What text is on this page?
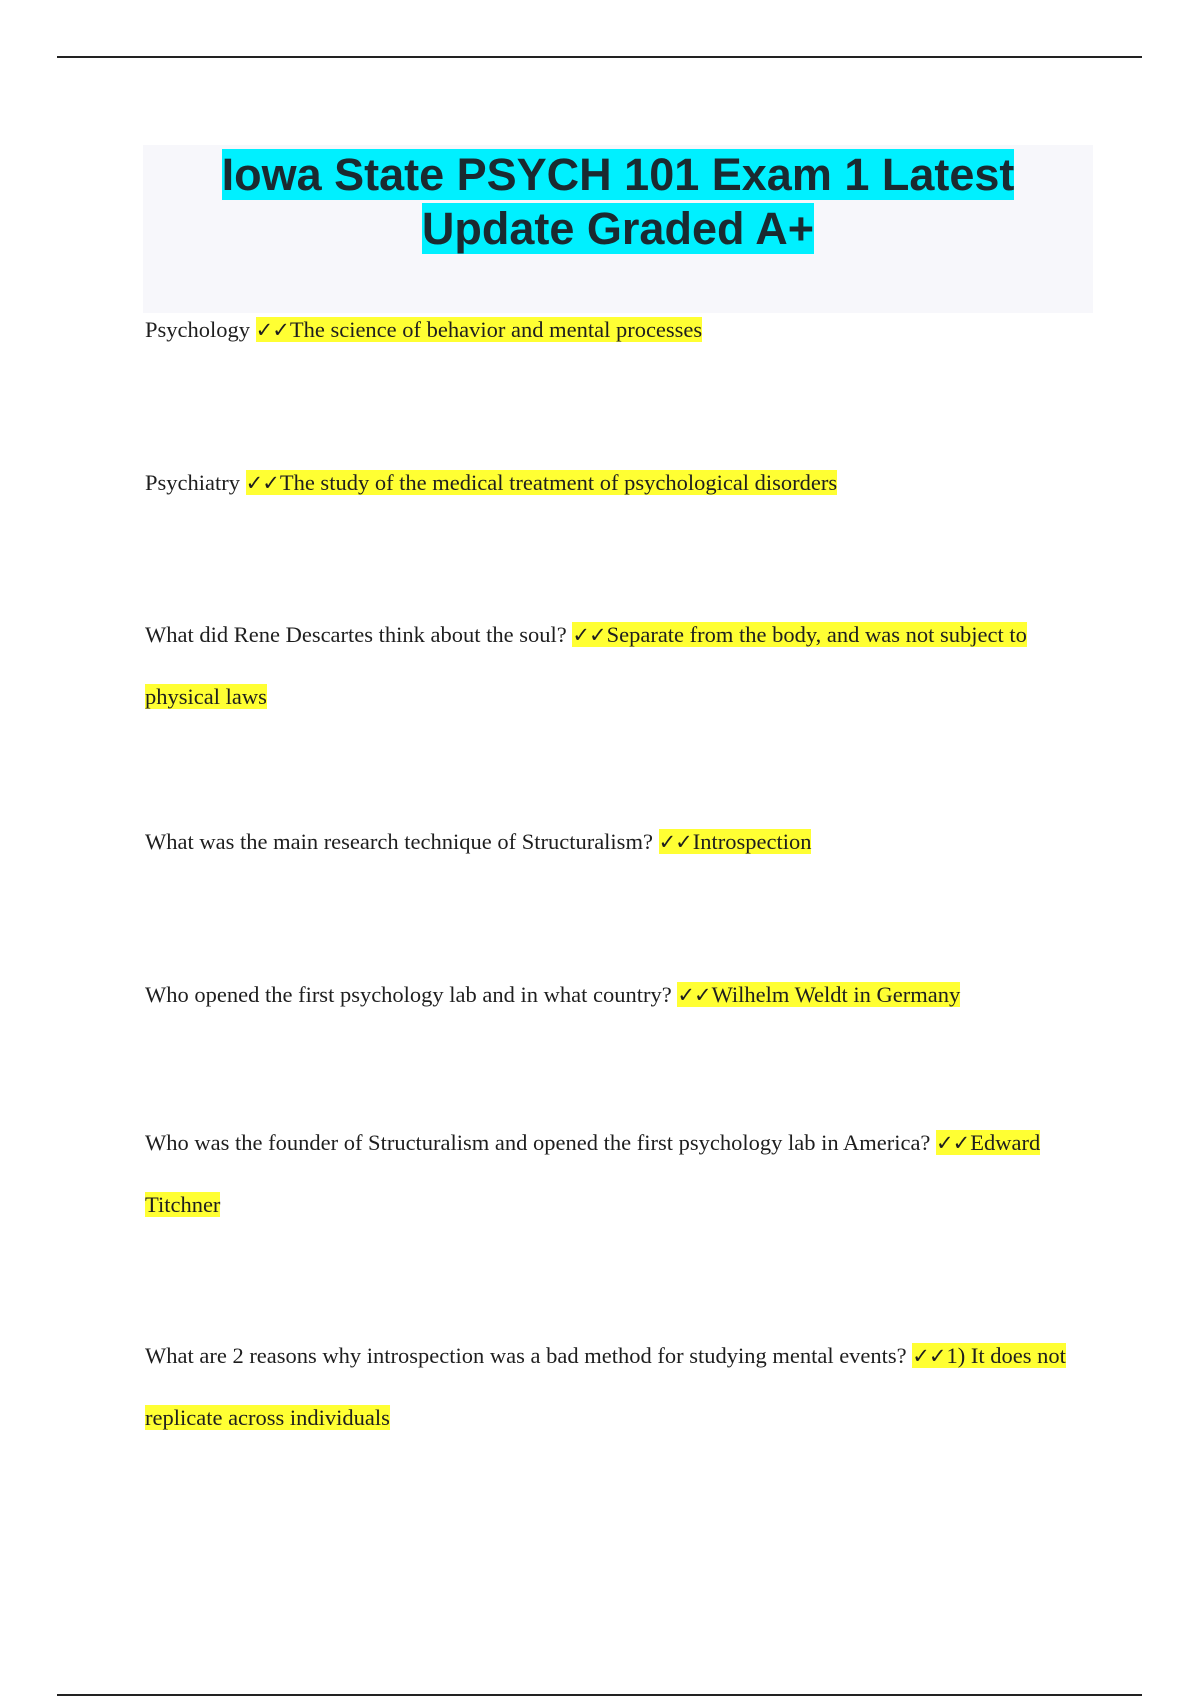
Iowa State PSYCH 101 Exam 1 Latest
Update Graded A+

Psychology ✓✓The science of behavior and mental processes

Psychiatry ✓✓The study of the medical treatment of psychological disorders

What did Rene Descartes think about the soul? ✓✓Separate from the body, and was not subject to physical laws

What was the main research technique of Structuralism? ✓✓Introspection

Who opened the first psychology lab and in what country? ✓✓Wilhelm Weldt in Germany

Who was the founder of Structuralism and opened the first psychology lab in America? ✓✓Edward Titchner

What are 2 reasons why introspection was a bad method for studying mental events? ✓✓1) It does not replicate across individuals
